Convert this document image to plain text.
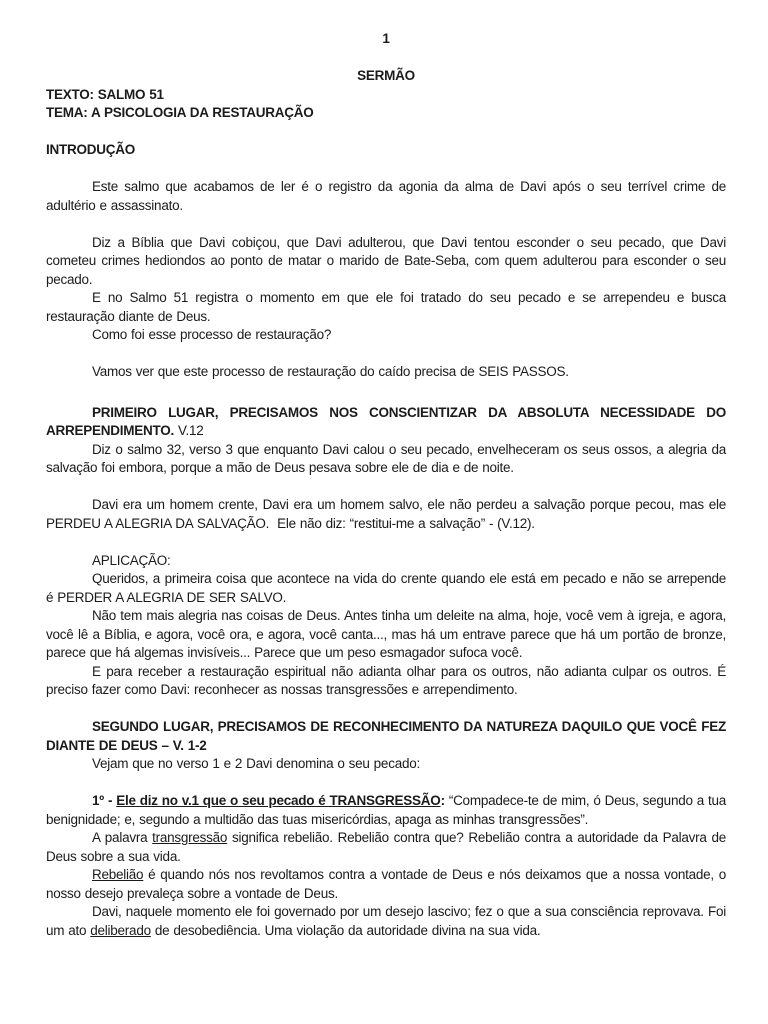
1

SERMÃO

TEXTO: SALMO 51

TEMA: A PSICOLOGIA DA RESTAURAÇÃO

INTRODUÇÃO

Este salmo que acabamos de ler é o registro da agonia da alma de Davi após o seu terrível crime de adultério e assassinato.

Diz a Bíblia que Davi cobiçou, que Davi adulterou, que Davi tentou esconder o seu pecado, que Davi cometeu crimes hediondos ao ponto de matar o marido de Bate-Seba, com quem adulterou para esconder o seu pecado.

E no Salmo 51 registra o momento em que ele foi tratado do seu pecado e se arrependeu e busca restauração diante de Deus.

Como foi esse processo de restauração?

Vamos ver que este processo de restauração do caído precisa de SEIS PASSOS.

PRIMEIRO LUGAR, PRECISAMOS NOS CONSCIENTIZAR DA ABSOLUTA NECESSIDADE DO ARREPENDIMENTO. V.12

Diz o salmo 32, verso 3 que enquanto Davi calou o seu pecado, envelheceram os seus ossos, a alegria da salvação foi embora, porque a mão de Deus pesava sobre ele de dia e de noite.

Davi era um homem crente, Davi era um homem salvo, ele não perdeu a salvação porque pecou, mas ele PERDEU A ALEGRIA DA SALVAÇÃO.  Ele não diz: “restitui-me a salvação” - (V.12).

APLICAÇÃO:

Queridos, a primeira coisa que acontece na vida do crente quando ele está em pecado e não se arrepende é PERDER A ALEGRIA DE SER SALVO.

Não tem mais alegria nas coisas de Deus. Antes tinha um deleite na alma, hoje, você vem à igreja, e agora, você lê a Bíblia, e agora, você ora, e agora, você canta..., mas há um entrave parece que há um portão de bronze, parece que há algemas invisíveis... Parece que um peso esmagador sufoca você.

E para receber a restauração espiritual não adianta olhar para os outros, não adianta culpar os outros. É preciso fazer como Davi: reconhecer as nossas transgressões e arrependimento.

SEGUNDO LUGAR, PRECISAMOS DE RECONHECIMENTO DA NATUREZA DAQUILO QUE VOCÊ FEZ DIANTE DE DEUS – V. 1-2

Vejam que no verso 1 e 2 Davi denomina o seu pecado:

1º - Ele diz no v.1 que o seu pecado é TRANSGRESSÃO: “Compadece-te de mim, ó Deus, segundo a tua benignidade; e, segundo a multidão das tuas misericórdias, apaga as minhas transgressões”.

A palavra transgressão significa rebelião. Rebelião contra que? Rebelião contra a autoridade da Palavra de Deus sobre a sua vida.

Rebelião é quando nós nos revoltamos contra a vontade de Deus e nós deixamos que a nossa vontade, o nosso desejo prevaleça sobre a vontade de Deus.

Davi, naquele momento ele foi governado por um desejo lascivo; fez o que a sua consciência reprovava. Foi um ato deliberado de desobediência. Uma violação da autoridade divina na sua vida.
